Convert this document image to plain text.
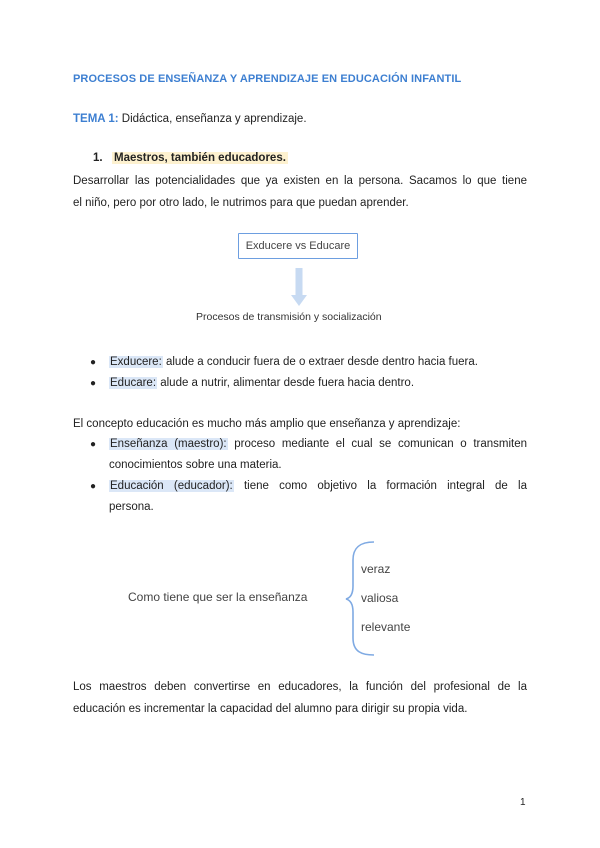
PROCESOS DE ENSEÑANZA Y APRENDIZAJE EN EDUCACIÓN INFANTIL
TEMA 1: Didáctica, enseñanza y aprendizaje.
1. Maestros, también educadores.
Desarrollar las potencialidades que ya existen en la persona. Sacamos lo que tiene
el niño, pero por otro lado, le nutrimos para que puedan aprender.
Exducere vs Educare
Procesos de transmisión y socialización
● Exducere: alude a conducir fuera de o extraer desde dentro hacia fuera.
● Educare: alude a nutrir, alimentar desde fuera hacia dentro.
El concepto educación es mucho más amplio que enseñanza y aprendizaje:
● Enseñanza (maestro): proceso mediante el cual se comunican o transmiten
conocimientos sobre una materia.
● Educación (educador): tiene como objetivo la formación integral de la
persona.
Como tiene que ser la enseñanza
veraz
valiosa
relevante
Los maestros deben convertirse en educadores, la función del profesional de la
educación es incrementar la capacidad del alumno para dirigir su propia vida.
1
